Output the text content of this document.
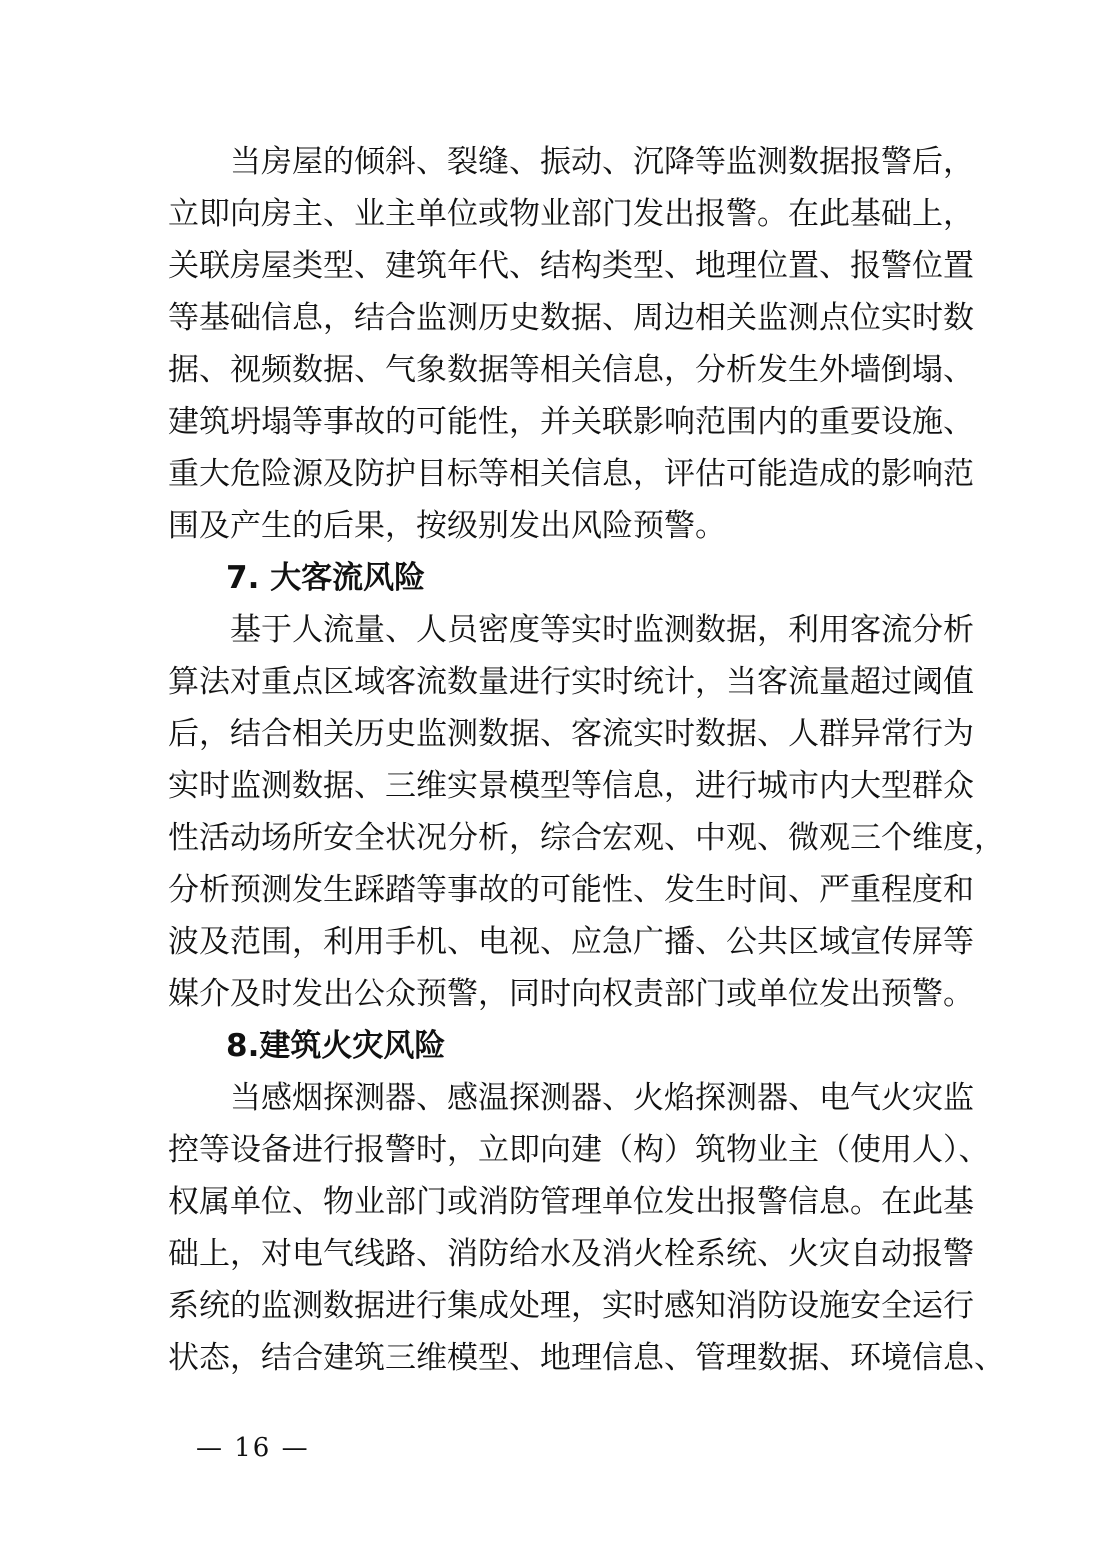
当房屋的倾斜、裂缝、振动、沉降等监测数据报警后，
立即向房主、业主单位或物业部门发出报警。在此基础上，
关联房屋类型、建筑年代、结构类型、地理位置、报警位置
等基础信息，结合监测历史数据、周边相关监测点位实时数
据、视频数据、气象数据等相关信息，分析发生外墙倒塌、
建筑坍塌等事故的可能性，并关联影响范围内的重要设施、
重大危险源及防护目标等相关信息，评估可能造成的影响范
围及产生的后果，按级别发出风险预警。
7. 大客流风险
基于人流量、人员密度等实时监测数据，利用客流分析
算法对重点区域客流数量进行实时统计，当客流量超过阈值
后，结合相关历史监测数据、客流实时数据、人群异常行为
实时监测数据、三维实景模型等信息，进行城市内大型群众
性活动场所安全状况分析，综合宏观、中观、微观三个维度，
分析预测发生踩踏等事故的可能性、发生时间、严重程度和
波及范围，利用手机、电视、应急广播、公共区域宣传屏等
媒介及时发出公众预警，同时向权责部门或单位发出预警。
8.建筑火灾风险
当感烟探测器、感温探测器、火焰探测器、电气火灾监
控等设备进行报警时，立即向建（构）筑物业主（使用人）、
权属单位、物业部门或消防管理单位发出报警信息。在此基
础上，对电气线路、消防给水及消火栓系统、火灾自动报警
系统的监测数据进行集成处理，实时感知消防设施安全运行
状态，结合建筑三维模型、地理信息、管理数据、环境信息、
— 16 —
